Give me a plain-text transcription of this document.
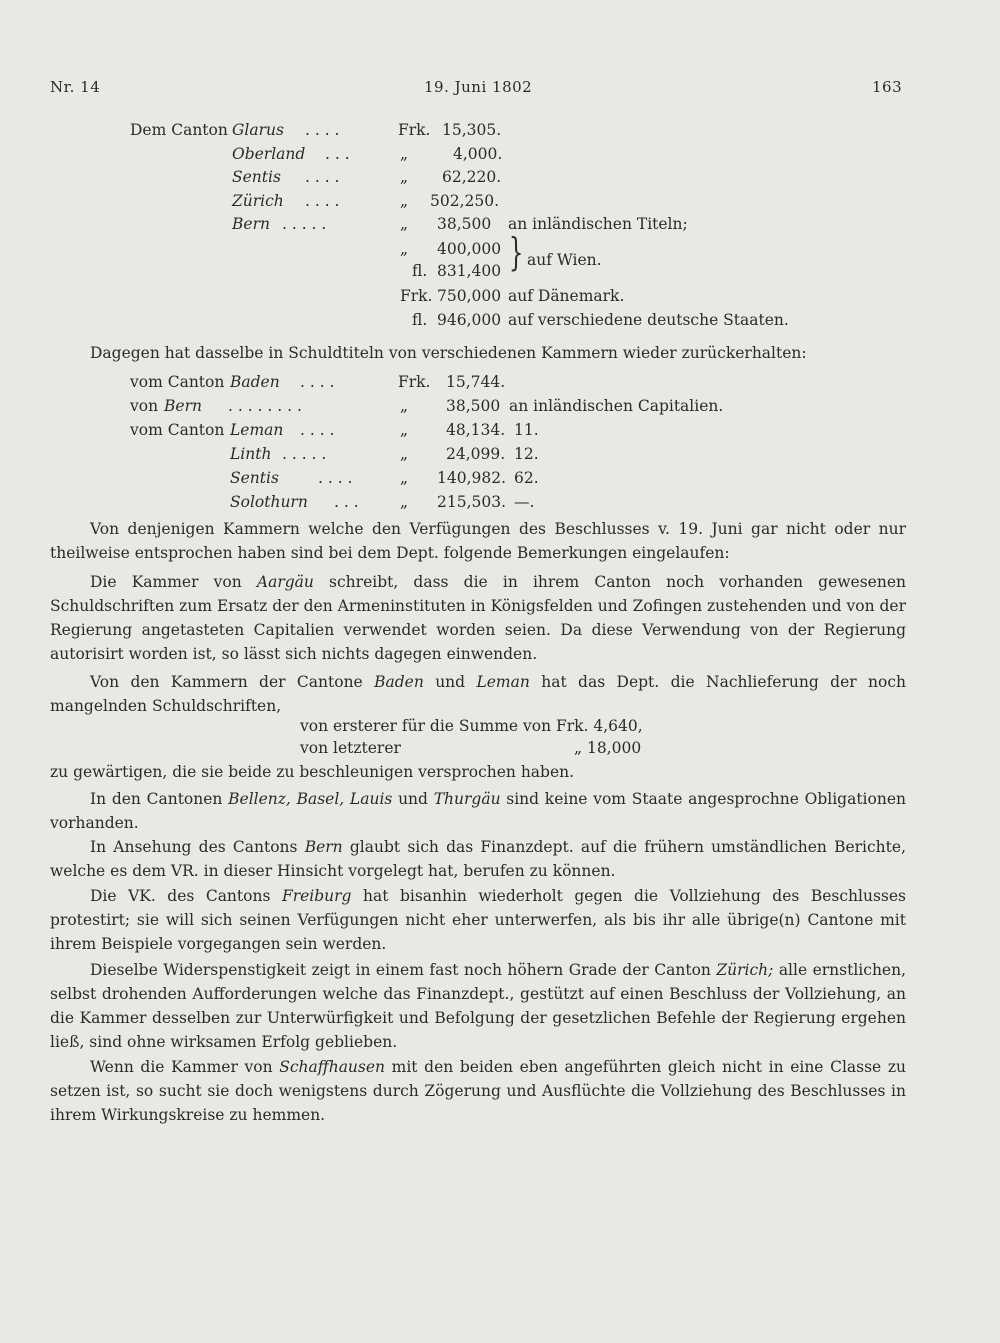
Nr. 14	19. Juni 1802	163
Dem Canton Glarus . . . .	Frk. 15,305.
Oberland . . .	„	4,000.
Sentis . . . .	„ 62,220.
Zürich . . . .	„ 502,250.
Bern . . . . .	„ 38,500 an inländischen Titeln;
„ 400,000
fl. 831,400 } auf Wien.
Frk. 750,000 auf Dänemark.
fl. 946,000 auf verschiedene deutsche Staaten.
Dagegen hat dasselbe in Schuldtiteln von verschiedenen Kammern wieder zurückerhalten:
vom Canton Baden . . . .	Frk. 15,744.
von Bern . . . . . . . .	„ 38,500 an inländischen Capitalien.
vom Canton Leman . . . .	„ 48,134. 11.
Linth . . . . .	„ 24,099. 12.
Sentis	. . . .	„ 140,982. 62.
Solothurn . . .	„ 215,503. —.

Von denjenigen Kammern welche den Verfügungen des Beschlusses v. 19. Juni gar nicht oder nur theilweise entsprochen haben sind bei dem Dept. folgende Bemerkungen eingelaufen:

Die Kammer von Aargäu schreibt, dass die in ihrem Canton noch vorhanden gewesenen Schuldschriften zum Ersatz der den Armeninstituten in Königsfelden und Zofingen zustehenden und von der Regierung angetasteten Capitalien verwendet worden seien. Da diese Verwendung von der Regierung autorisirt worden ist, so lässt sich nichts dagegen einwenden.

Von den Kammern der Cantone Baden und Leman hat das Dept. die Nachlieferung der noch mangelnden Schuldschriften,

von ersterer für die Summe von Frk. 4,640,
von letzterer	„ 18,000
zu gewärtigen, die sie beide zu beschleunigen versprochen haben.

In den Cantonen Bellenz, Basel, Lauis und Thurgäu sind keine vom Staate angesprochne Obligationen vorhanden.

In Ansehung des Cantons Bern glaubt sich das Finanzdept. auf die frühern umständlichen Berichte, welche es dem VR. in dieser Hinsicht vorgelegt hat, berufen zu können.

Die VK. des Cantons Freiburg hat bisanhin wiederholt gegen die Vollziehung des Beschlusses protestirt; sie will sich seinen Verfügungen nicht eher unterwerfen, als bis ihr alle übrige(n) Cantone mit ihrem Beispiele vorgegangen sein werden.

Dieselbe Widerspenstigkeit zeigt in einem fast noch höhern Grade der Canton Zürich; alle ernstlichen, selbst drohenden Aufforderungen welche das Finanzdept., gestützt auf einen Beschluss der Vollziehung, an die Kammer desselben zur Unterwürfigkeit und Befolgung der gesetzlichen Befehle der Regierung ergehen ließ, sind ohne wirksamen Erfolg geblieben.

Wenn die Kammer von Schaffhausen mit den beiden eben angeführten gleich nicht in eine Classe zu setzen ist, so sucht sie doch wenigstens durch Zögerung und Ausflüchte die Vollziehung des Beschlusses in ihrem Wirkungskreise zu hemmen.
